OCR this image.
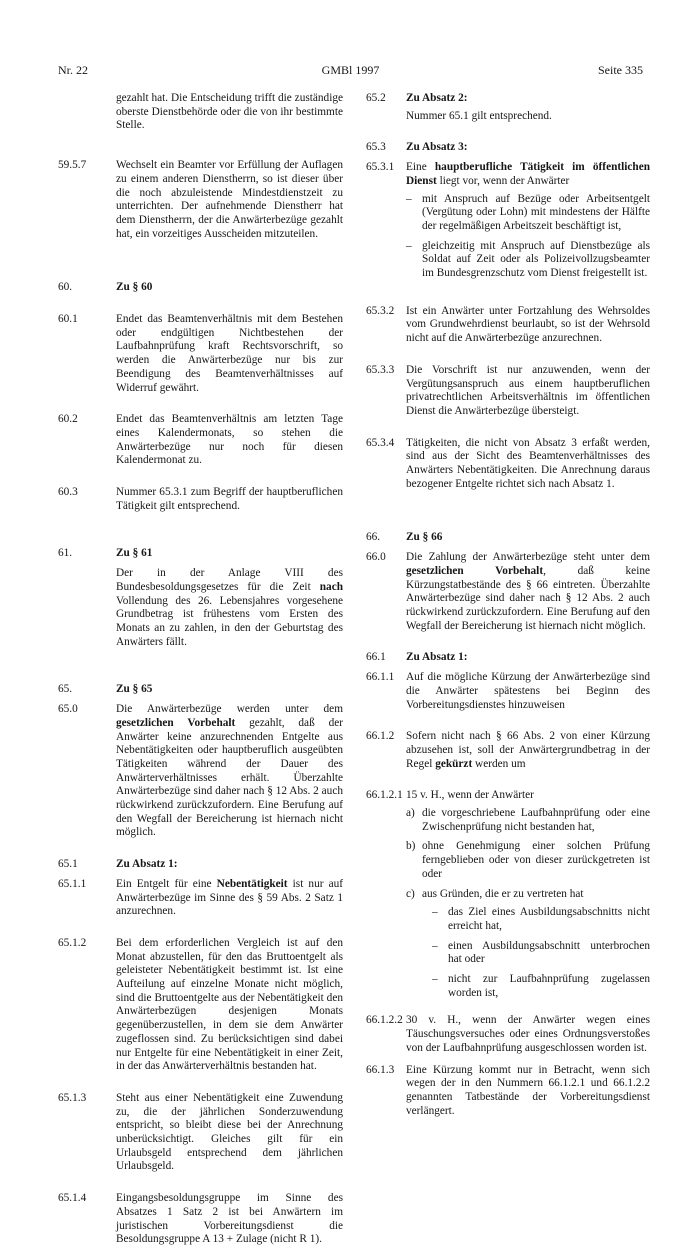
Nr. 22	GMBl 1997	Seite 335
gezahlt hat. Die Entscheidung trifft die zuständige oberste Dienstbehörde oder die von ihr bestimmte Stelle.
59.5.7	Wechselt ein Beamter vor Erfüllung der Auflagen zu einem anderen Dienstherrn, so ist dieser über die noch abzuleistende Mindestdienstzeit zu unterrichten. Der aufnehmende Dienstherr hat dem Dienstherrn, der die Anwärterbezüge gezahlt hat, ein vorzeitiges Ausscheiden mitzuteilen.
60.	Zu § 60
60.1	Endet das Beamtenverhältnis mit dem Bestehen oder endgültigen Nichtbestehen der Laufbahnprüfung kraft Rechtsvorschrift, so werden die Anwärterbezüge nur bis zur Beendigung des Beamtenverhältnisses auf Widerruf gewährt.
60.2	Endet das Beamtenverhältnis am letzten Tage eines Kalendermonats, so stehen die Anwärterbezüge nur noch für diesen Kalendermonat zu.
60.3	Nummer 65.3.1 zum Begriff der hauptberuflichen Tätigkeit gilt entsprechend.
61.	Zu § 61
Der in der Anlage VIII des Bundesbesoldungsgesetzes für die Zeit nach Vollendung des 26. Lebensjahres vorgesehene Grundbetrag ist frühestens vom Ersten des Monats an zu zahlen, in den der Geburtstag des Anwärters fällt.
65.	Zu § 65
65.0	Die Anwärterbezüge werden unter dem gesetzlichen Vorbehalt gezahlt, daß der Anwärter keine anzurechnenden Entgelte aus Nebentätigkeiten oder hauptberuflich ausgeübten Tätigkeiten während der Dauer des Anwärterverhältnisses erhält. Überzahlte Anwärterbezüge sind daher nach § 12 Abs. 2 auch rückwirkend zurückzufordern. Eine Berufung auf den Wegfall der Bereicherung ist hiernach nicht möglich.
65.1	Zu Absatz 1:
65.1.1	Ein Entgelt für eine Nebentätigkeit ist nur auf Anwärterbezüge im Sinne des § 59 Abs. 2 Satz 1 anzurechnen.
65.1.2	Bei dem erforderlichen Vergleich ist auf den Monat abzustellen, für den das Bruttoentgelt als geleisteter Nebentätigkeit bestimmt ist. Ist eine Aufteilung auf einzelne Monate nicht möglich, sind die Bruttoentgelte aus der Nebentätigkeit den Anwärterbezügen desjenigen Monats gegenüberzustellen, in dem sie dem Anwärter zugeflossen sind. Zu berücksichtigen sind dabei nur Entgelte für eine Nebentätigkeit in einer Zeit, in der das Anwärterverhältnis bestanden hat.
65.1.3	Steht aus einer Nebentätigkeit eine Zuwendung zu, die der jährlichen Sonderzuwendung entspricht, so bleibt diese bei der Anrechnung unberücksichtigt. Gleiches gilt für ein Urlaubsgeld entsprechend dem jährlichen Urlaubsgeld.
65.1.4	Eingangsbesoldungsgruppe im Sinne des Absatzes 1 Satz 2 ist bei Anwärtern im juristischen Vorbereitungsdienst die Besoldungsgruppe A 13 + Zulage (nicht R 1).
65.2	Zu Absatz 2:
Nummer 65.1 gilt entsprechend.
65.3	Zu Absatz 3:
65.3.1	Eine hauptberufliche Tätigkeit im öffentlichen Dienst liegt vor, wenn der Anwärter
– mit Anspruch auf Bezüge oder Arbeitsentgelt (Vergütung oder Lohn) mit mindestens der Hälfte der regelmäßigen Arbeitszeit beschäftigt ist,
– gleichzeitig mit Anspruch auf Dienstbezüge als Soldat auf Zeit oder als Polizeivollzugsbeamter im Bundesgrenzschutz vom Dienst freigestellt ist.
65.3.2	Ist ein Anwärter unter Fortzahlung des Wehrsoldes vom Grundwehrdienst beurlaubt, so ist der Wehrsold nicht auf die Anwärterbezüge anzurechnen.
65.3.3	Die Vorschrift ist nur anzuwenden, wenn der Vergütungsanspruch aus einem hauptberuflichen privatrechtlichen Arbeitsverhältnis im öffentlichen Dienst die Anwärterbezüge übersteigt.
65.3.4	Tätigkeiten, die nicht von Absatz 3 erfaßt werden, sind aus der Sicht des Beamtenverhältnisses des Anwärters Nebentätigkeiten. Die Anrechnung daraus bezogener Entgelte richtet sich nach Absatz 1.
66.	Zu § 66
66.0	Die Zahlung der Anwärterbezüge steht unter dem gesetzlichen Vorbehalt, daß keine Kürzungstatbestände des § 66 eintreten. Überzahlte Anwärterbezüge sind daher nach § 12 Abs. 2 auch rückwirkend zurückzufordern. Eine Berufung auf den Wegfall der Bereicherung ist hiernach nicht möglich.
66.1	Zu Absatz 1:
66.1.1	Auf die mögliche Kürzung der Anwärterbezüge sind die Anwärter spätestens bei Beginn des Vorbereitungsdienstes hinzuweisen
66.1.2	Sofern nicht nach § 66 Abs. 2 von einer Kürzung abzusehen ist, soll der Anwärtergrundbetrag in der Regel gekürzt werden um
66.1.2.1 15 v. H., wenn der Anwärter
a) die vorgeschriebene Laufbahnprüfung oder eine Zwischenprüfung nicht bestanden hat,
b) ohne Genehmigung einer solchen Prüfung ferngeblieben oder von dieser zurückgetreten ist oder
c) aus Gründen, die er zu vertreten hat
– das Ziel eines Ausbildungsabschnitts nicht erreicht hat,
– einen Ausbildungsabschnitt unterbrochen hat oder
– nicht zur Laufbahnprüfung zugelassen worden ist,
66.1.2.2 30 v. H., wenn der Anwärter wegen eines Täuschungsversuches oder eines Ordnungsverstoßes von der Laufbahnprüfung ausgeschlossen worden ist.
66.1.3	Eine Kürzung kommt nur in Betracht, wenn sich wegen der in den Nummern 66.1.2.1 und 66.1.2.2 genannten Tatbestände der Vorbereitungsdienst verlängert.
